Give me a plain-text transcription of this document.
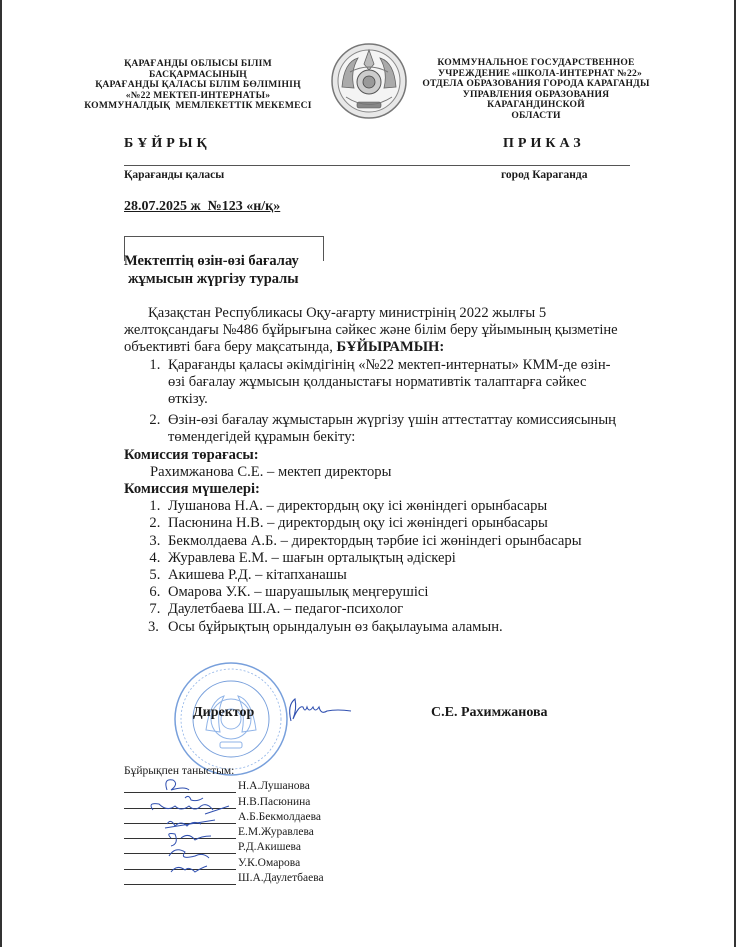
ҚАРАҒАНДЫ ОБЛЫСЫ БІЛІМ
БАСҚАРМАСЫНЫҢ
ҚАРАҒАНДЫ ҚАЛАСЫ БІЛІМ БӨЛІМІНІҢ
«№22 МЕКТЕП-ИНТЕРНАТЫ»
КОММУНАЛДЫҚ  МЕМЛЕКЕТТІК МЕКЕМЕСІ
КОММУНАЛЬНОЕ ГОСУДАРСТВЕННОЕ
УЧРЕЖДЕНИЕ «ШКОЛА-ИНТЕРНАТ №22»
ОТДЕЛА ОБРАЗОВАНИЯ ГОРОДА КАРАГАНДЫ
УПРАВЛЕНИЯ ОБРАЗОВАНИЯ КАРАГАНДИНСКОЙ
ОБЛАСТИ
БҰЙРЫҚ	ПРИКАЗ
Қарағанды қаласы	город Караганда
28.07.2025 ж  №123 «н/қ»
Мектептің өзін-өзі бағалау
жұмысын жүргізу туралы

Қазақстан Республикасы Оқу-ағарту министрінің 2022 жылғы 5 желтоқсандағы №486 бұйрығына сәйкес және білім беру ұйымының қызметіне объективті баға беру мақсатында, БҰЙЫРАМЫН:

1. Қарағанды қаласы әкімдігінің «№22 мектеп-интернаты» КММ-де өзін-өзі бағалау жұмысын қолданыстағы нормативтік талаптарға сәйкес өткізу.
2. Өзін-өзі бағалау жұмыстарын жүргізу үшін аттестаттау комиссиясының төмендегідей құрамын бекіту:

Комиссия төрағасы:

Рахимжанова С.Е. – мектеп директоры

Комиссия мүшелері:

1. Лушанова Н.А. – директордың оқу ісі жөніндегі орынбасары
2. Пасюнина Н.В. – директордың оқу ісі жөніндегі орынбасары
3. Бекмолдаева А.Б. – директордың тәрбие ісі жөніндегі орынбасары
4. Журавлева Е.М. – шағын орталықтың әдіскері
5. Акишева Р.Д. – кітапханашы
6. Омарова У.К. – шаруашылық меңгерушісі
7. Даулетбаева Ш.А. – педагог-психолог
3. Осы бұйрықтың орындалуын өз бақылауыма аламын.
Директор	С.Е. Рахимжанова
Бұйрықпен таныстым:
Н.А.Лушанова
Н.В.Пасюнина
А.Б.Бекмолдаева
Е.М.Журавлева
Р.Д.Акишева
У.К.Омарова
Ш.А.Даулетбаева
